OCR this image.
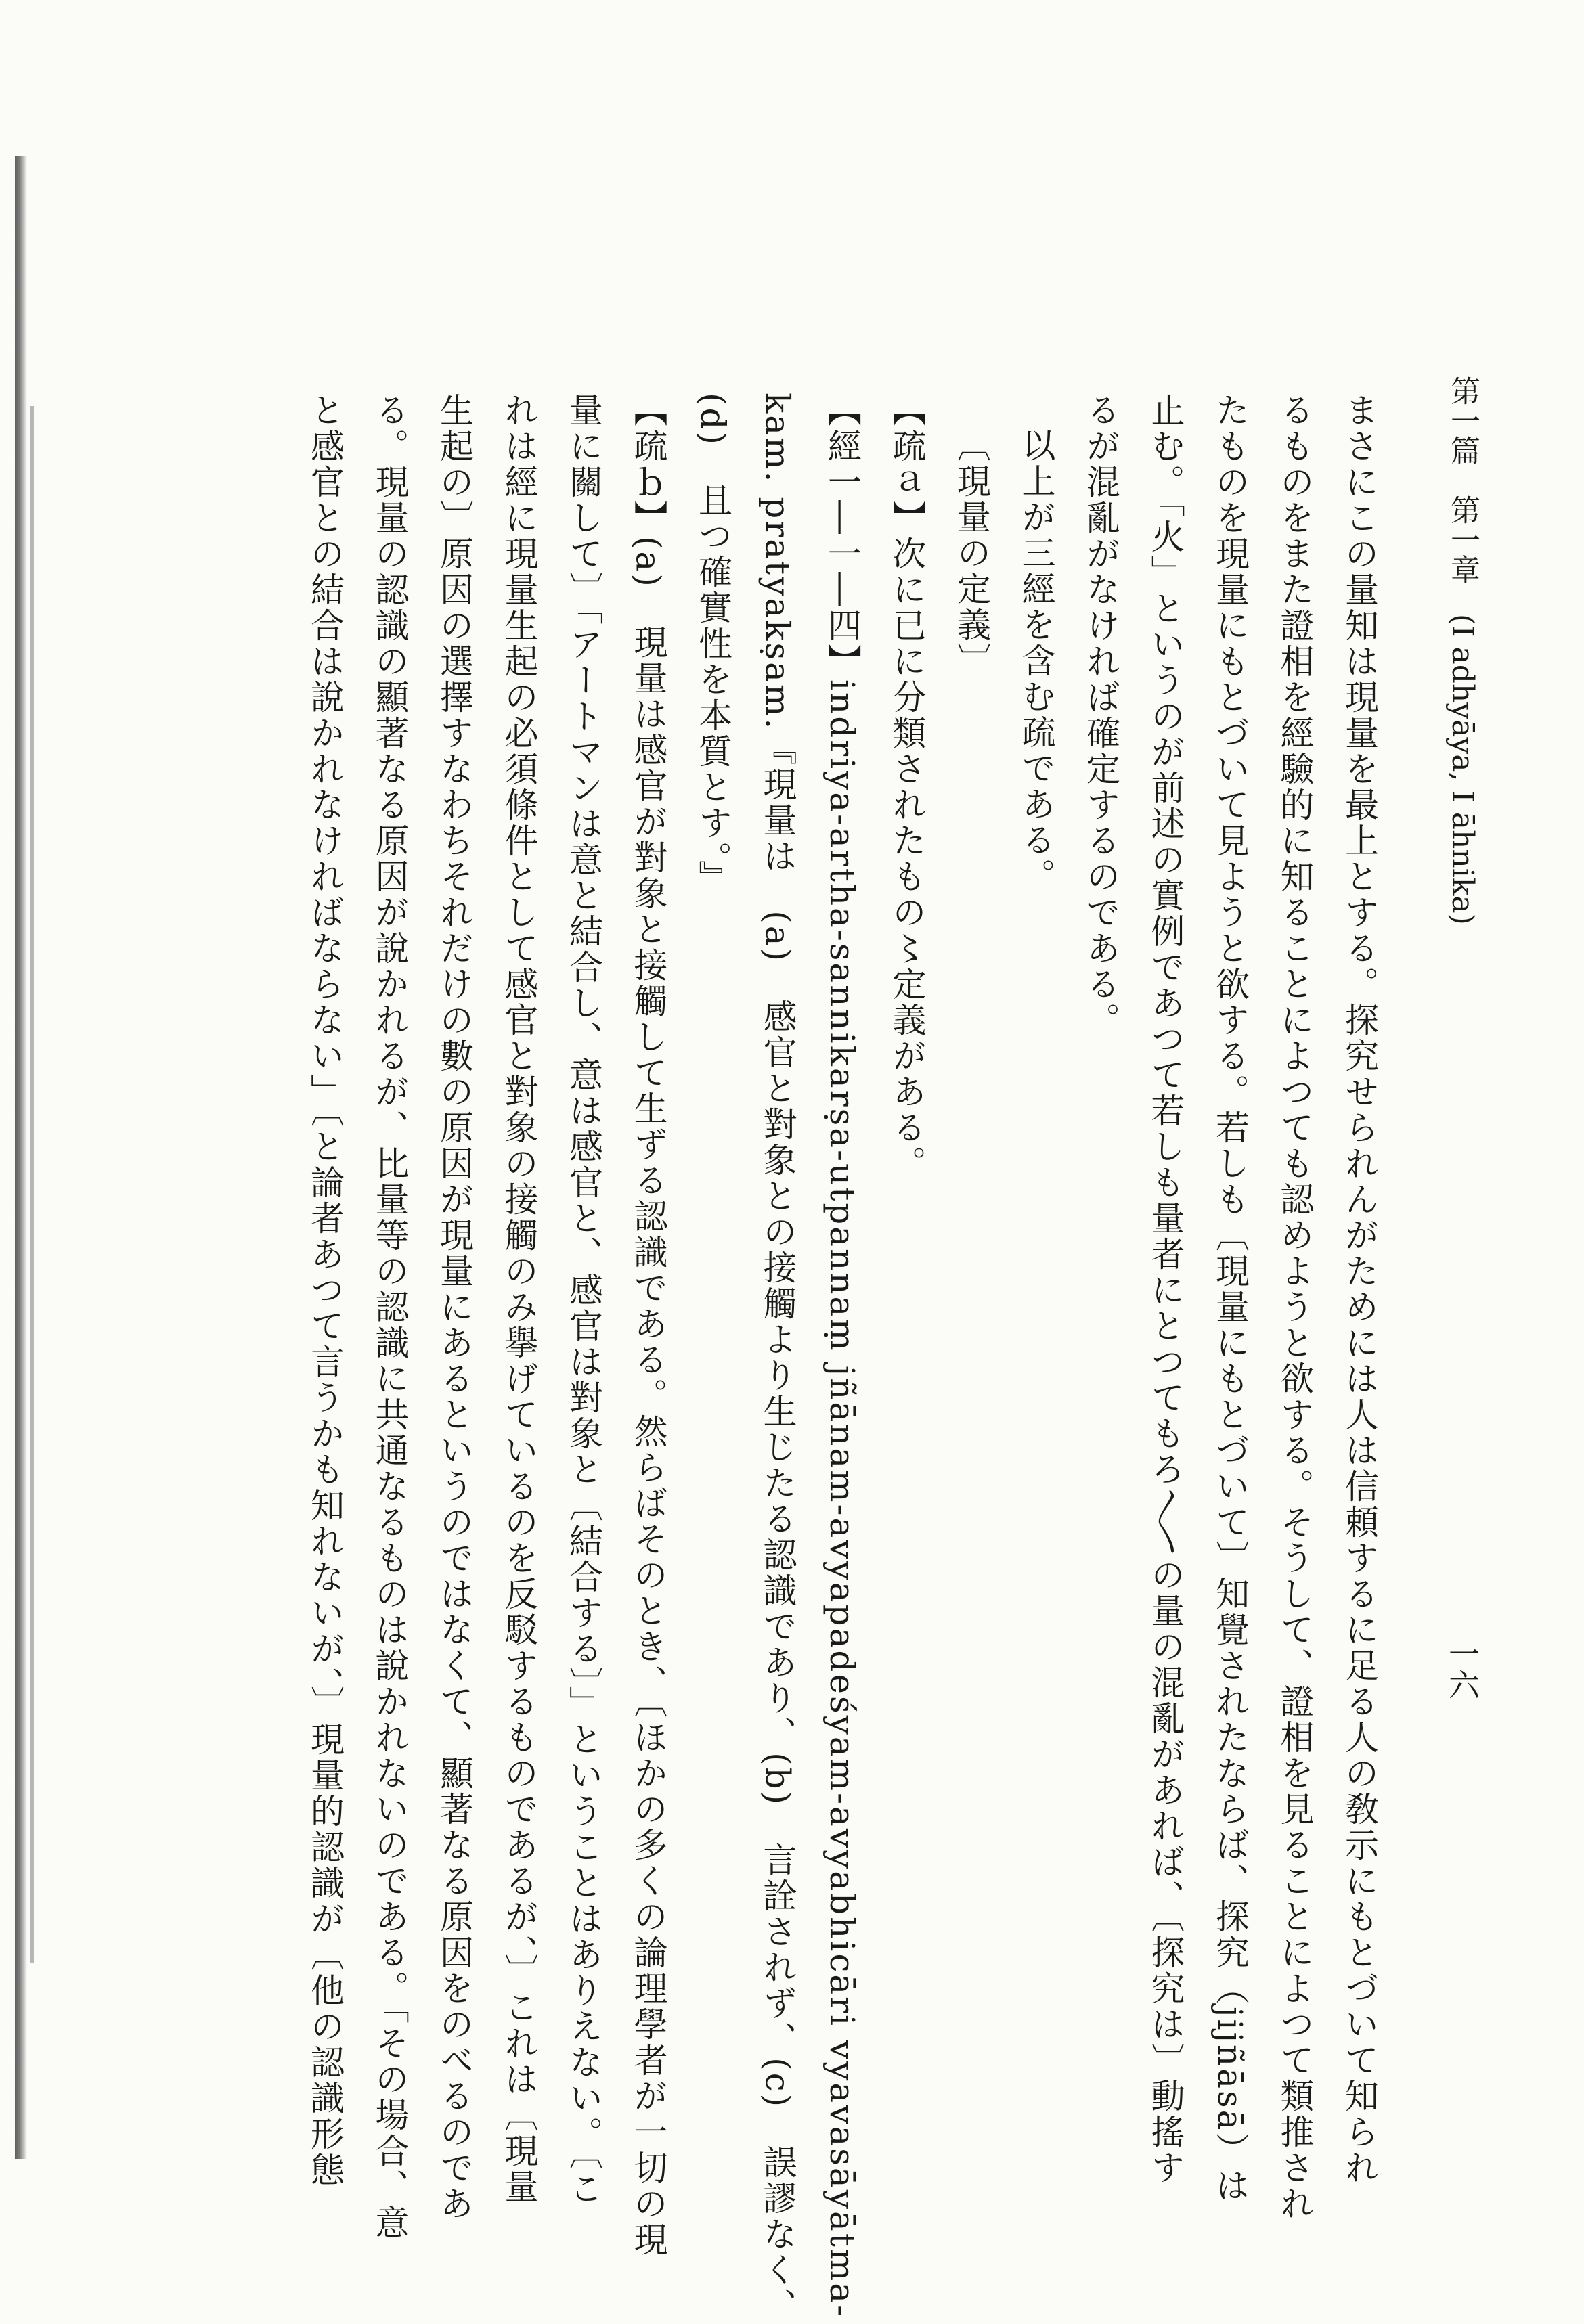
第一篇　第一章　(I adhyāya, I āhnika)
一六
まさにこの量知は現量を最上とする。探究せられんがためには人は信頼するに足る人の敎示にもとづいて知られ
るものをまた證相を經驗的に知ることによつても認めようと欲する。そうして、證相を見ることによつて類推され
たものを現量にもとづいて見ようと欲する。若しも〔現量にもとづいて〕知覺されたならば、探究（jijñāsā）は
止む。「火」というのが前述の實例であつて若しも量者にとつてもろ〳〵の量の混亂があれば、〔探究は〕動搖す
るが混亂がなければ確定するのである。
以上が三經を含む疏である。
〔現量の定義〕
【疏ａ】次に已に分類されたもの〻定義がある。
【經一―一―四】indriya-artha-sannikarṣa-utpannaṃ jñānam-avyapadeśyam-avyabhicāri vyavasāyātma-
kam. pratyakṣam.『現量は　(a)　感官と對象との接觸より生じたる認識であり、(b)　言詮されず、(c)　誤謬なく、
(d)　且つ確實性を本質とす。』
【疏ｂ】(a)　現量は感官が對象と接觸して生ずる認識である。然らばそのとき、〔ほかの多くの論理學者が一切の現
量に關して〕「アートマンは意と結合し、意は感官と、感官は對象と〔結合する〕」ということはありえない。〔こ
れは經に現量生起の必須條件として感官と對象の接觸のみ擧げているのを反駁するものであるが、〕これは〔現量
生起の〕原因の選擇すなわちそれだけの數の原因が現量にあるというのではなくて、顯著なる原因をのべるのであ
る。現量の認識の顯著なる原因が說かれるが、比量等の認識に共通なるものは說かれないのである。「その場合、意
と感官との結合は說かれなければならない」〔と論者あつて言うかも知れないが、〕現量的認識が〔他の認識形態
